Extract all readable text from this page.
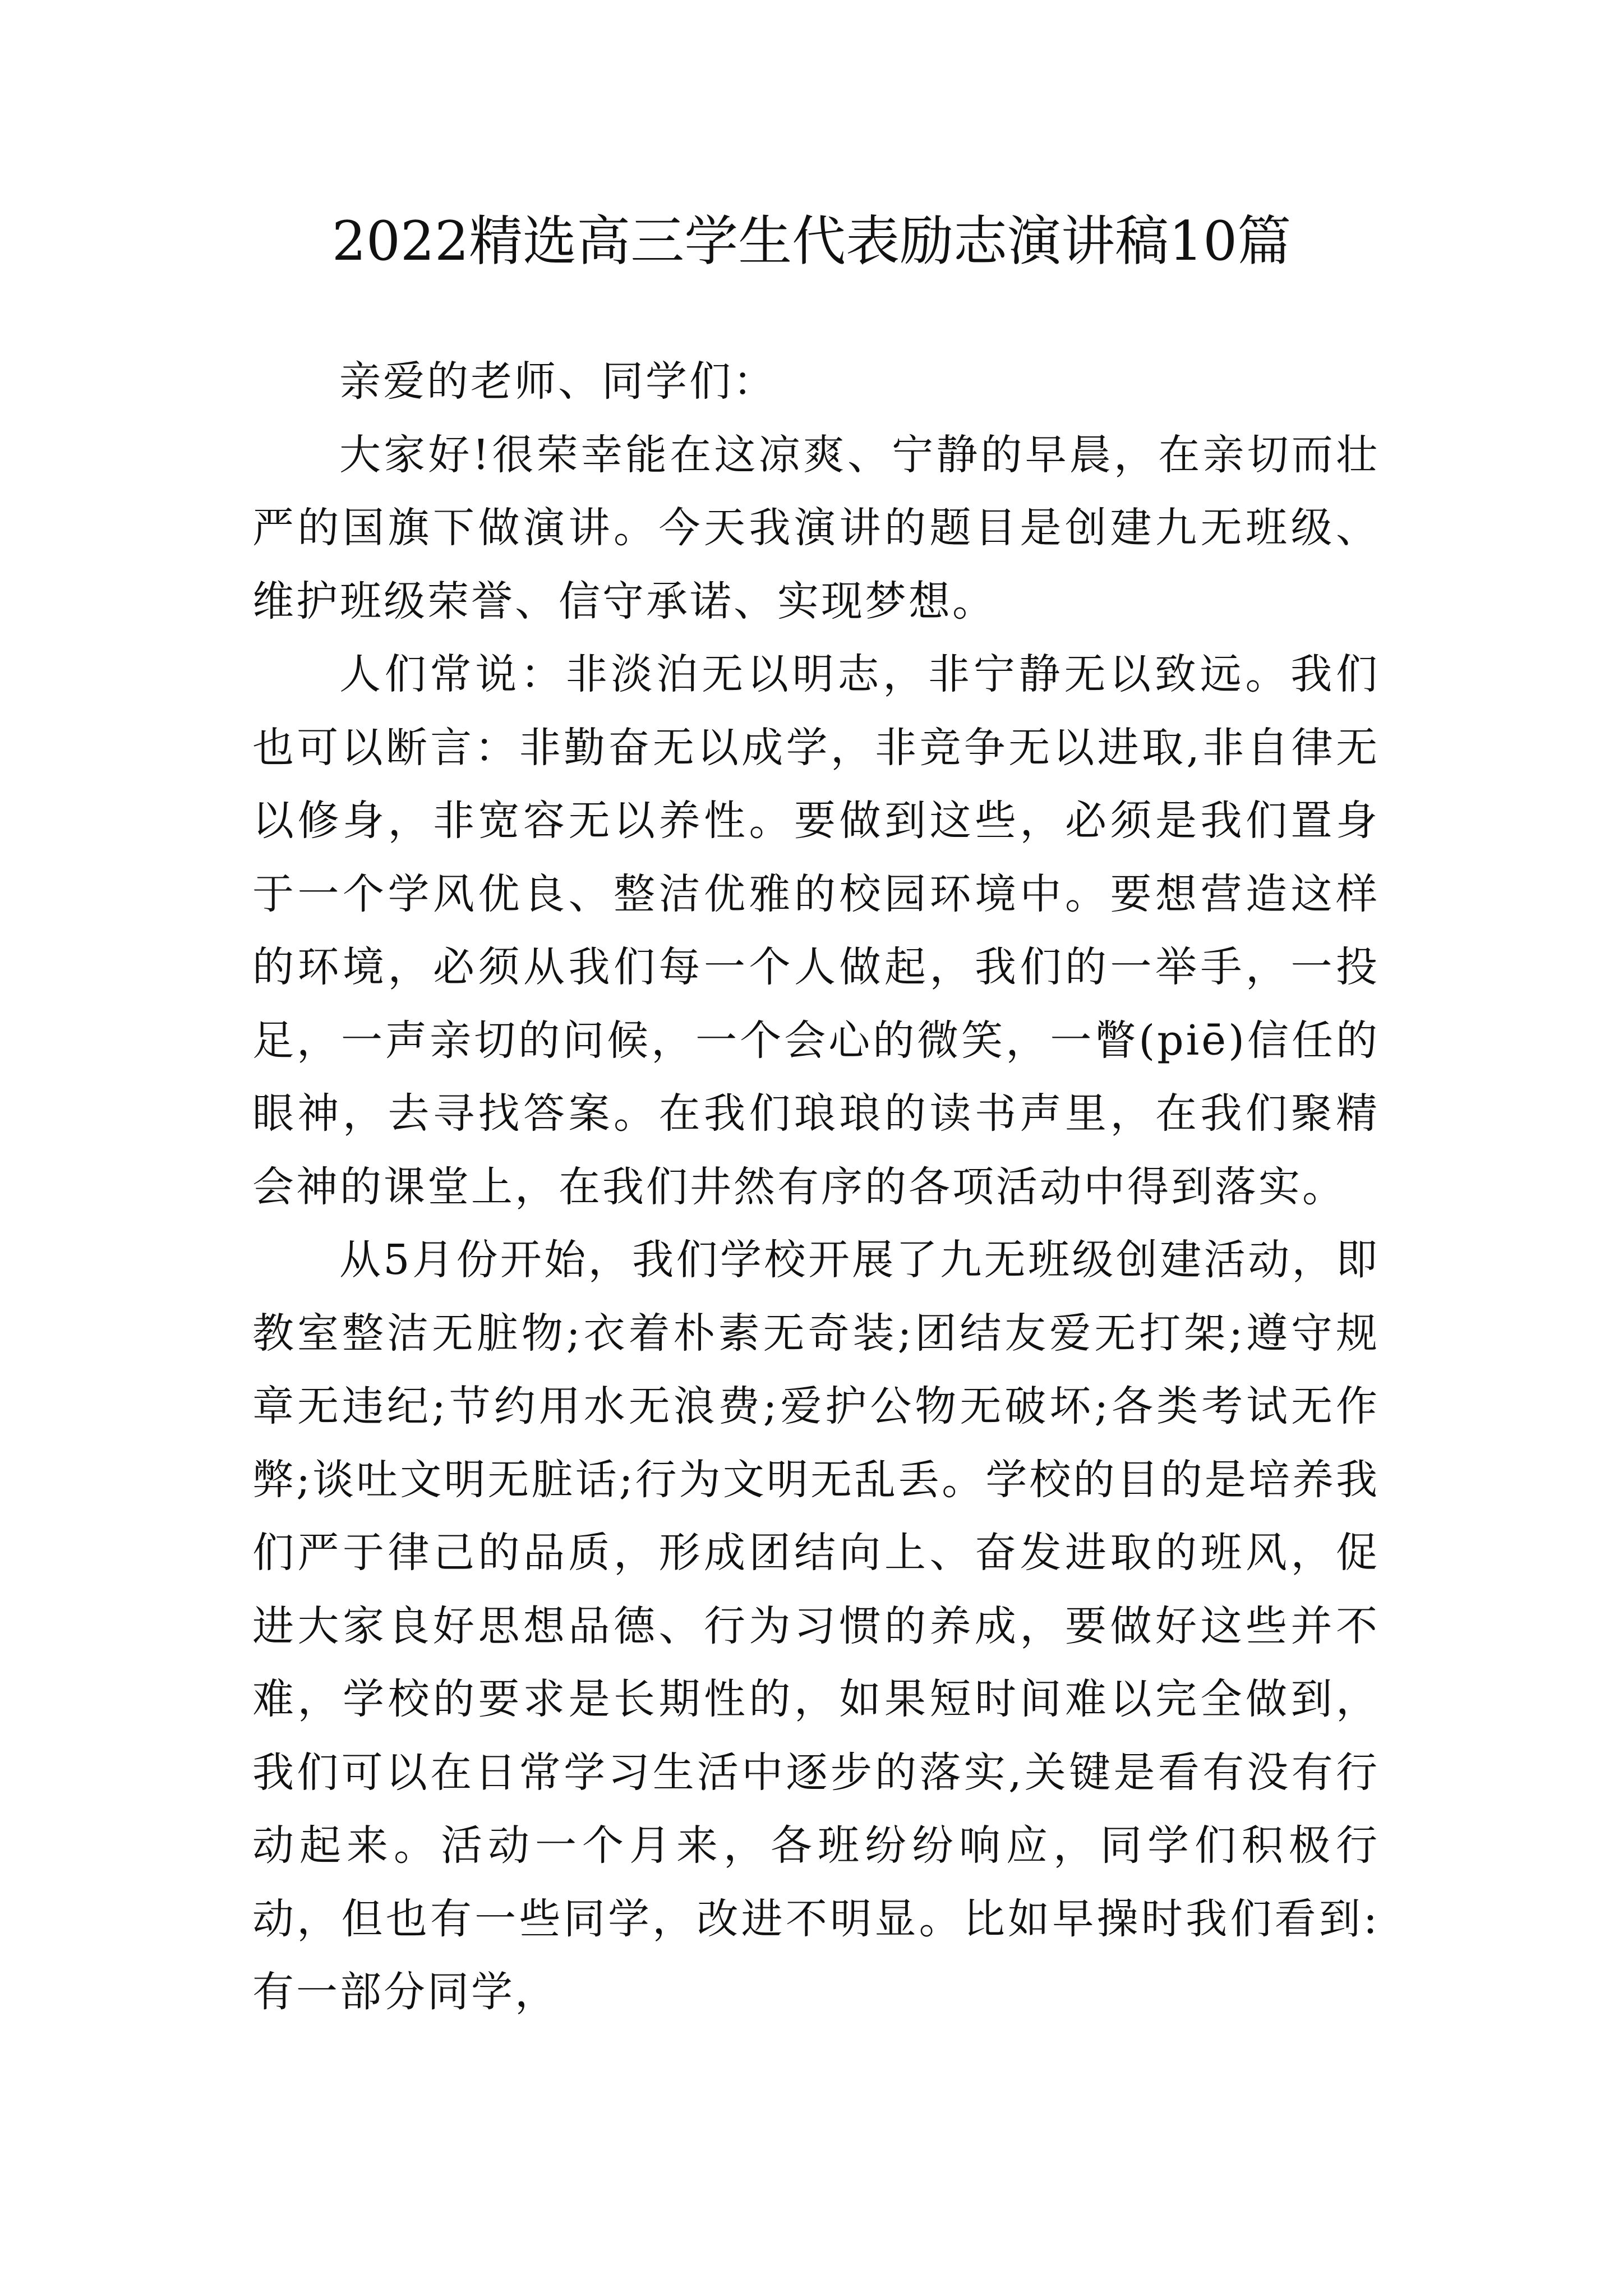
2022精选高三学生代表励志演讲稿10篇

亲爱的老师、同学们：

大家好!很荣幸能在这凉爽、宁静的早晨，在亲切而壮严的国旗下做演讲。今天我演讲的题目是创建九无班级、维护班级荣誉、信守承诺、实现梦想。

人们常说：非淡泊无以明志，非宁静无以致远。我们也可以断言：非勤奋无以成学，非竞争无以进取,非自律无以修身，非宽容无以养性。要做到这些，必须是我们置身于一个学风优良、整洁优雅的校园环境中。要想营造这样的环境，必须从我们每一个人做起，我们的一举手，一投足，一声亲切的问候，一个会心的微笑，一瞥(piē)信任的眼神，去寻找答案。在我们琅琅的读书声里，在我们聚精会神的课堂上，在我们井然有序的各项活动中得到落实。

从5月份开始，我们学校开展了九无班级创建活动，即教室整洁无脏物;衣着朴素无奇装;团结友爱无打架;遵守规章无违纪;节约用水无浪费;爱护公物无破坏;各类考试无作弊;谈吐文明无脏话;行为文明无乱丢。学校的目的是培养我们严于律己的品质，形成团结向上、奋发进取的班风，促进大家良好思想品德、行为习惯的养成，要做好这些并不难，学校的要求是长期性的，如果短时间难以完全做到，我们可以在日常学习生活中逐步的落实,关键是看有没有行动起来。活动一个月来，各班纷纷响应，同学们积极行动，但也有一些同学，改进不明显。比如早操时我们看到:有一部分同学，
